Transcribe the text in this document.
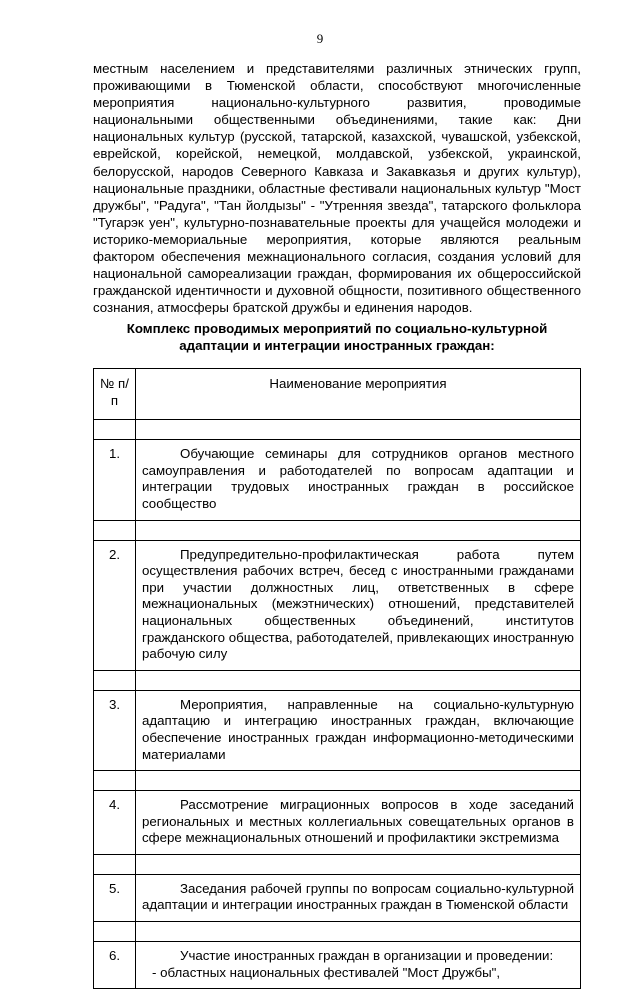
9

местным населением и представителями различных этнических групп, проживающими в Тюменской области, способствуют многочисленные мероприятия национально-культурного развития, проводимые национальными общественными объединениями, такие как: Дни национальных культур (русской, татарской, казахской, чувашской, узбекской, еврейской, корейской, немецкой, молдавской, узбекской, украинской, белорусской, народов Северного Кавказа и Закавказья и других культур), национальные праздники, областные фестивали национальных культур "Мост дружбы", "Радуга", "Тан йолдызы" - "Утренняя звезда", татарского фольклора "Тугарэк уен", культурно-познавательные проекты для учащейся молодежи и историко-мемориальные мероприятия, которые являются реальным фактором обеспечения межнационального согласия, создания условий для национальной самореализации граждан, формирования их общероссийской гражданской идентичности и духовной общности, позитивного общественного сознания, атмосферы братской дружбы и единения народов.

Комплекс проводимых мероприятий по социально-культурной адаптации и интеграции иностранных граждан:

№ п/п	Наименование мероприятия

1.	Обучающие семинары для сотрудников органов местного самоуправления и работодателей по вопросам адаптации и интеграции трудовых иностранных граждан в российское сообщество

2.	Предупредительно-профилактическая работа путем осуществления рабочих встреч, бесед с иностранными гражданами при участии должностных лиц, ответственных в сфере межнациональных (межэтнических) отношений, представителей национальных общественных объединений, институтов гражданского общества, работодателей, привлекающих иностранную рабочую силу

3.	Мероприятия, направленные на социально-культурную адаптацию и интеграцию иностранных граждан, включающие обеспечение иностранных граждан информационно-методическими материалами

4.	Рассмотрение миграционных вопросов в ходе заседаний региональных и местных коллегиальных совещательных органов в сфере межнациональных отношений и профилактики экстремизма

5.	Заседания рабочей группы по вопросам социально-культурной адаптации и интеграции иностранных граждан в Тюменской области

6.	Участие иностранных граждан в организации и проведении:
- областных национальных фестивалей "Мост Дружбы",
